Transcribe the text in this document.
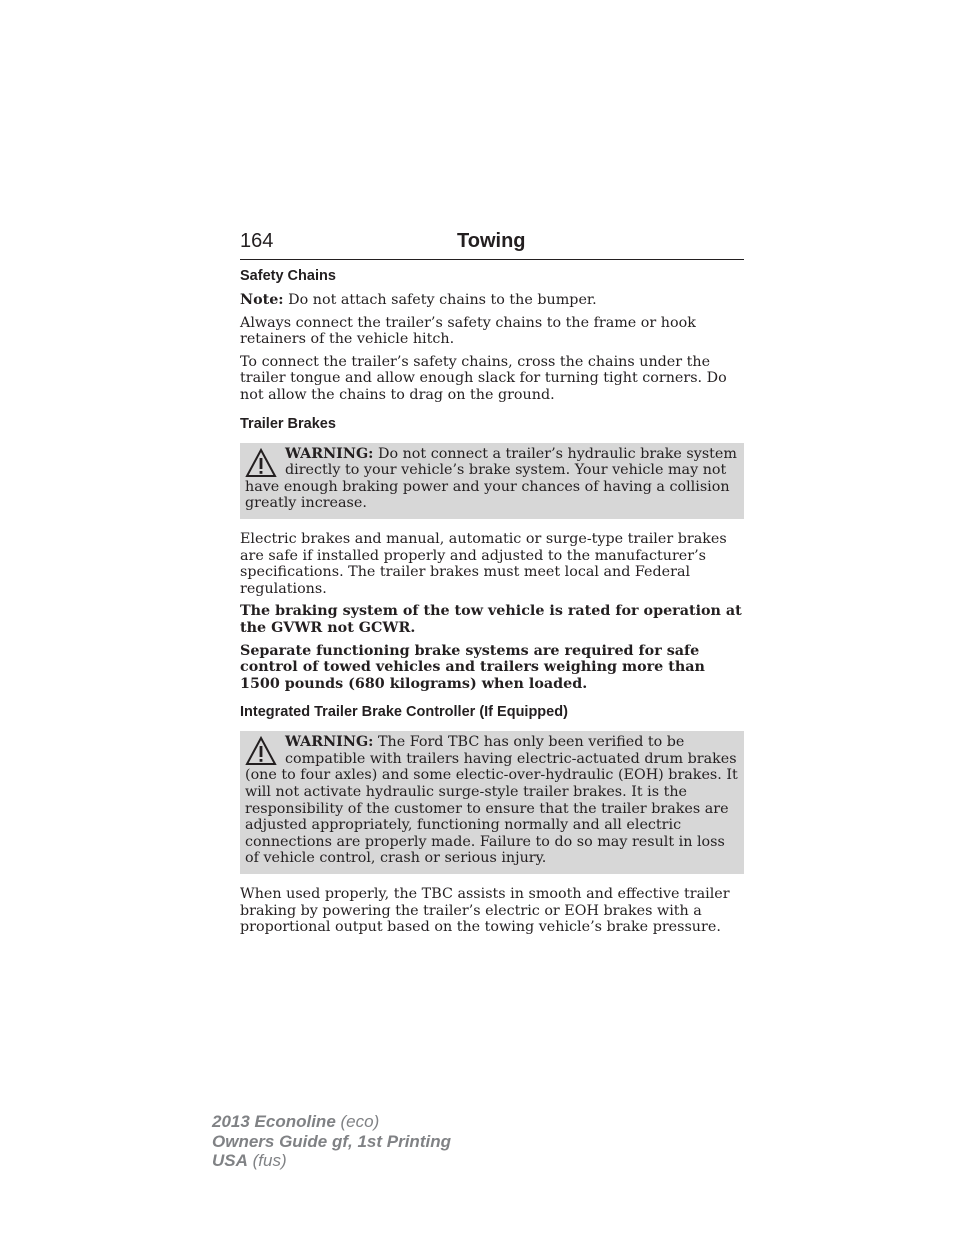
164	Towing
Safety Chains

Note: Do not attach safety chains to the bumper.

Always connect the trailer’s safety chains to the frame or hook retainers of the vehicle hitch.

To connect the trailer’s safety chains, cross the chains under the trailer tongue and allow enough slack for turning tight corners. Do not allow the chains to drag on the ground.

Trailer Brakes
WARNING: Do not connect a trailer’s hydraulic brake system directly to your vehicle’s brake system. Your vehicle may not have enough braking power and your chances of having a collision greatly increase.

Electric brakes and manual, automatic or surge-type trailer brakes are safe if installed properly and adjusted to the manufacturer’s specifications. The trailer brakes must meet local and Federal regulations.

The braking system of the tow vehicle is rated for operation at the GVWR not GCWR.

Separate functioning brake systems are required for safe control of towed vehicles and trailers weighing more than 1500 pounds (680 kilograms) when loaded.

Integrated Trailer Brake Controller (If Equipped)
WARNING: The Ford TBC has only been verified to be compatible with trailers having electric-actuated drum brakes (one to four axles) and some electic-over-hydraulic (EOH) brakes. It will not activate hydraulic surge-style trailer brakes. It is the responsibility of the customer to ensure that the trailer brakes are adjusted appropriately, functioning normally and all electric connections are properly made. Failure to do so may result in loss of vehicle control, crash or serious injury.

When used properly, the TBC assists in smooth and effective trailer braking by powering the trailer’s electric or EOH brakes with a proportional output based on the towing vehicle’s brake pressure.

2013 Econoline (eco)
Owners Guide gf, 1st Printing
USA (fus)
